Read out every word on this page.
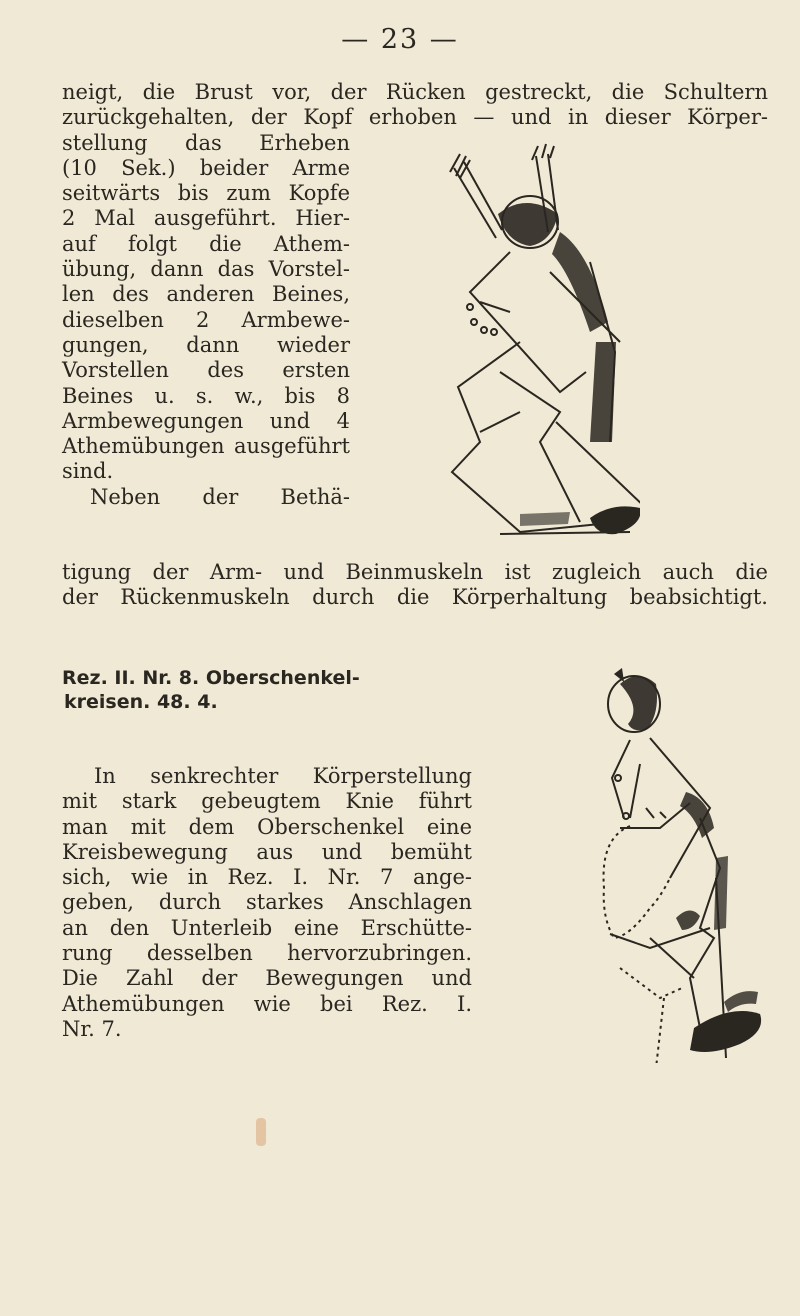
— 23 —

neigt, die Brust vor, der Rücken gestreckt, die Schultern
zurückgehalten, der Kopf erhoben — und in dieser Körper-

stellung das Erheben
(10 Sek.) beider Arme
seitwärts bis zum Kopfe
2 Mal ausgeführt. Hier-
auf folgt die Athem-
übung, dann das Vorstel-
len des anderen Beines,
dieselben 2 Armbewe-
gungen, dann wieder
Vorstellen des ersten
Beines u. s. w., bis 8
Armbewegungen und 4
Athemübungen ausgeführt
sind.
Neben der Bethä-

tigung der Arm- und Beinmuskeln ist zugleich auch die
der Rückenmuskeln durch die Körperhaltung beabsichtigt.

Rez. II. Nr. 8. Oberschenkel-
kreisen. 48. 4.

In senkrechter Körperstellung
mit stark gebeugtem Knie führt
man mit dem Oberschenkel eine
Kreisbewegung aus und bemüht
sich, wie in Rez. I. Nr. 7 ange-
geben, durch starkes Anschlagen
an den Unterleib eine Erschütte-
rung desselben hervorzubringen.
Die Zahl der Bewegungen und
Athemübungen wie bei Rez. I.
Nr. 7.
